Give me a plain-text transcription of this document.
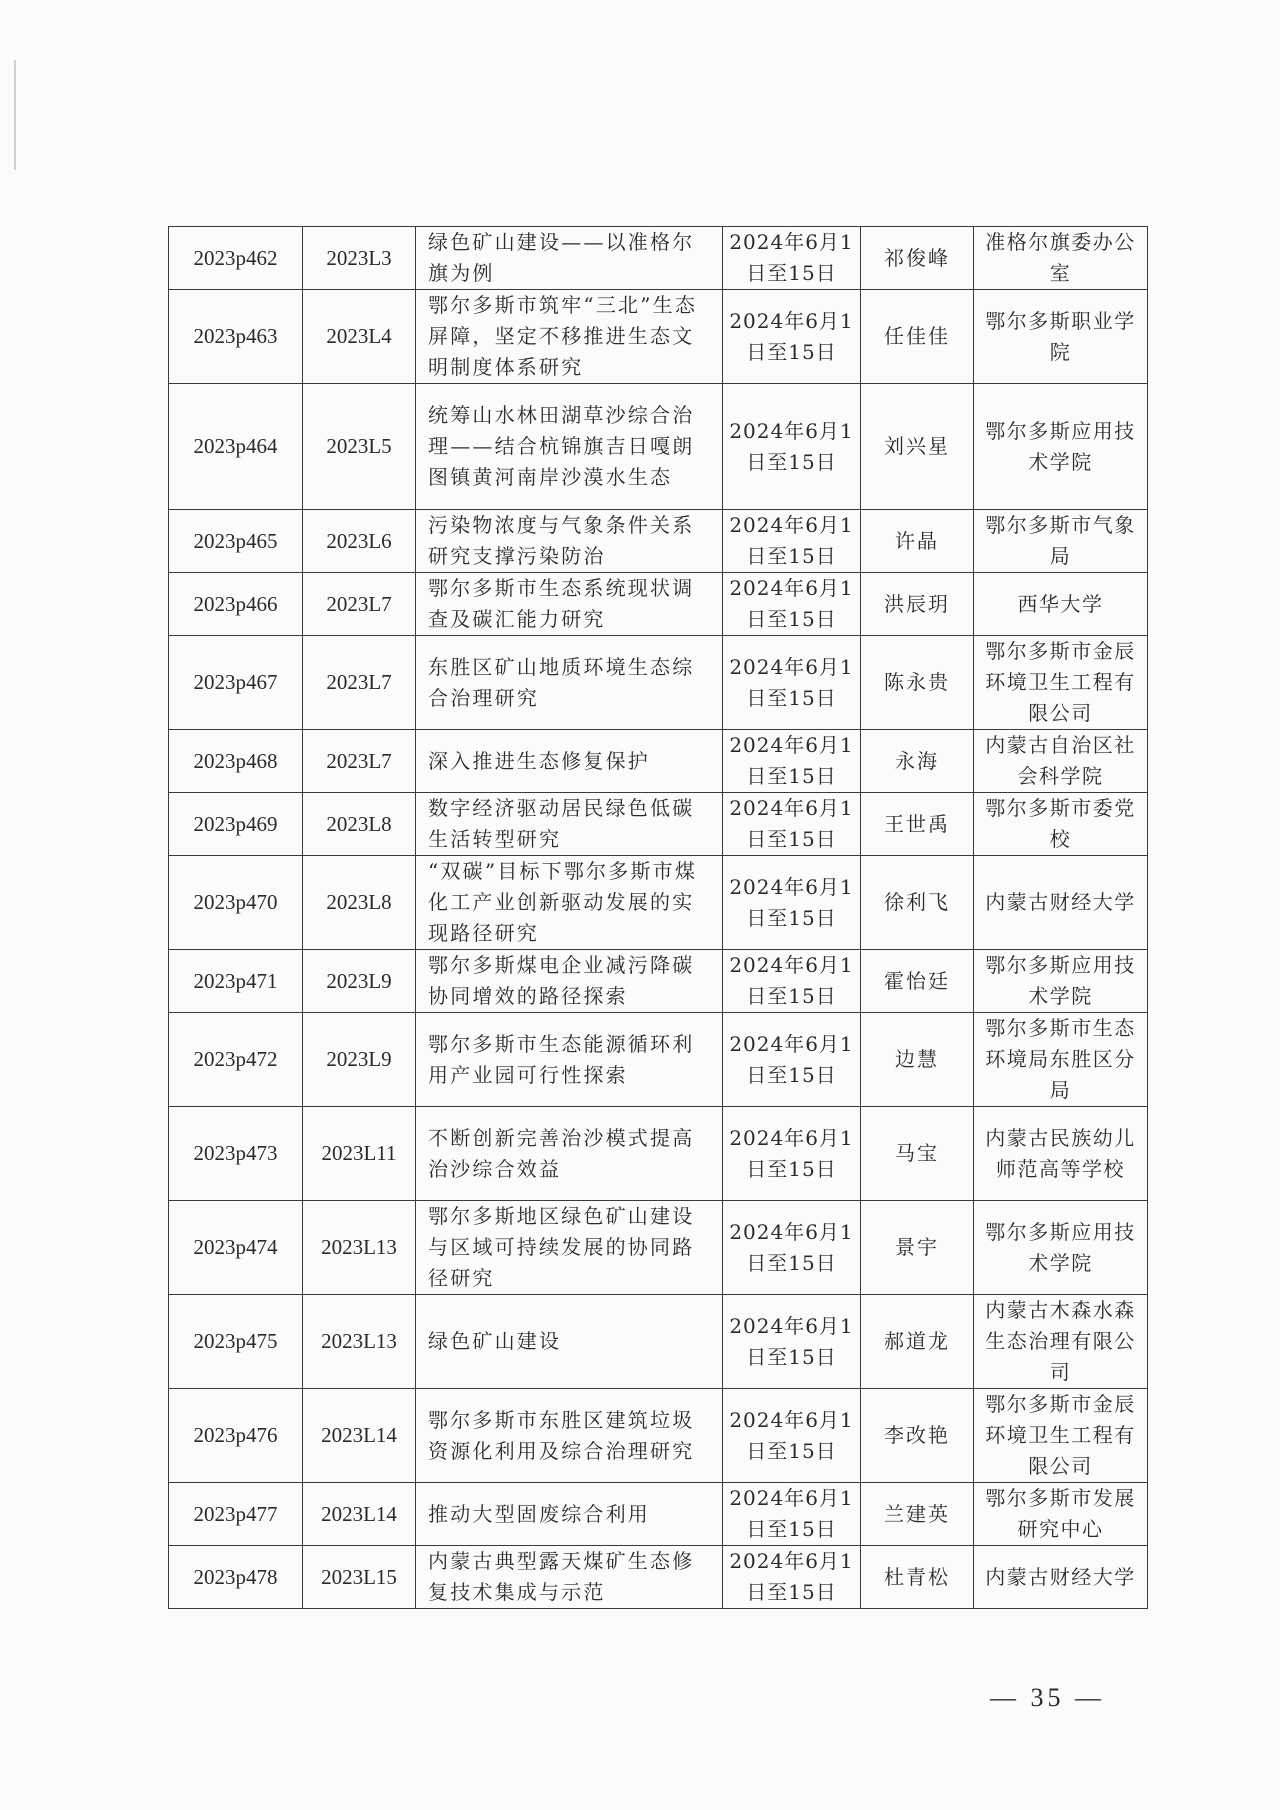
2023p462	2023L3	绿色矿山建设——以准格尔旗为例	2024年6月1日至15日	祁俊峰	准格尔旗委办公室
2023p463	2023L4	鄂尔多斯市筑牢“三北”生态屏障，坚定不移推进生态文明制度体系研究	2024年6月1日至15日	任佳佳	鄂尔多斯职业学院
2023p464	2023L5	统筹山水林田湖草沙综合治理——结合杭锦旗吉日嘎朗图镇黄河南岸沙漠水生态	2024年6月1日至15日	刘兴星	鄂尔多斯应用技术学院
2023p465	2023L6	污染物浓度与气象条件关系研究支撑污染防治	2024年6月1日至15日	许晶	鄂尔多斯市气象局
2023p466	2023L7	鄂尔多斯市生态系统现状调查及碳汇能力研究	2024年6月1日至15日	洪辰玥	西华大学
2023p467	2023L7	东胜区矿山地质环境生态综合治理研究	2024年6月1日至15日	陈永贵	鄂尔多斯市金辰环境卫生工程有限公司
2023p468	2023L7	深入推进生态修复保护	2024年6月1日至15日	永海	内蒙古自治区社会科学院
2023p469	2023L8	数字经济驱动居民绿色低碳生活转型研究	2024年6月1日至15日	王世禹	鄂尔多斯市委党校
2023p470	2023L8	“双碳”目标下鄂尔多斯市煤化工产业创新驱动发展的实现路径研究	2024年6月1日至15日	徐利飞	内蒙古财经大学
2023p471	2023L9	鄂尔多斯煤电企业减污降碳协同增效的路径探索	2024年6月1日至15日	霍怡廷	鄂尔多斯应用技术学院
2023p472	2023L9	鄂尔多斯市生态能源循环利用产业园可行性探索	2024年6月1日至15日	边慧	鄂尔多斯市生态环境局东胜区分局
2023p473	2023L11	不断创新完善治沙模式提高治沙综合效益	2024年6月1日至15日	马宝	内蒙古民族幼儿师范高等学校
2023p474	2023L13	鄂尔多斯地区绿色矿山建设与区域可持续发展的协同路径研究	2024年6月1日至15日	景宇	鄂尔多斯应用技术学院
2023p475	2023L13	绿色矿山建设	2024年6月1日至15日	郝道龙	内蒙古木森水森生态治理有限公司
2023p476	2023L14	鄂尔多斯市东胜区建筑垃圾资源化利用及综合治理研究	2024年6月1日至15日	李改艳	鄂尔多斯市金辰环境卫生工程有限公司
2023p477	2023L14	推动大型固废综合利用	2024年6月1日至15日	兰建英	鄂尔多斯市发展研究中心
2023p478	2023L15	内蒙古典型露天煤矿生态修复技术集成与示范	2024年6月1日至15日	杜青松	内蒙古财经大学
— 35 —
